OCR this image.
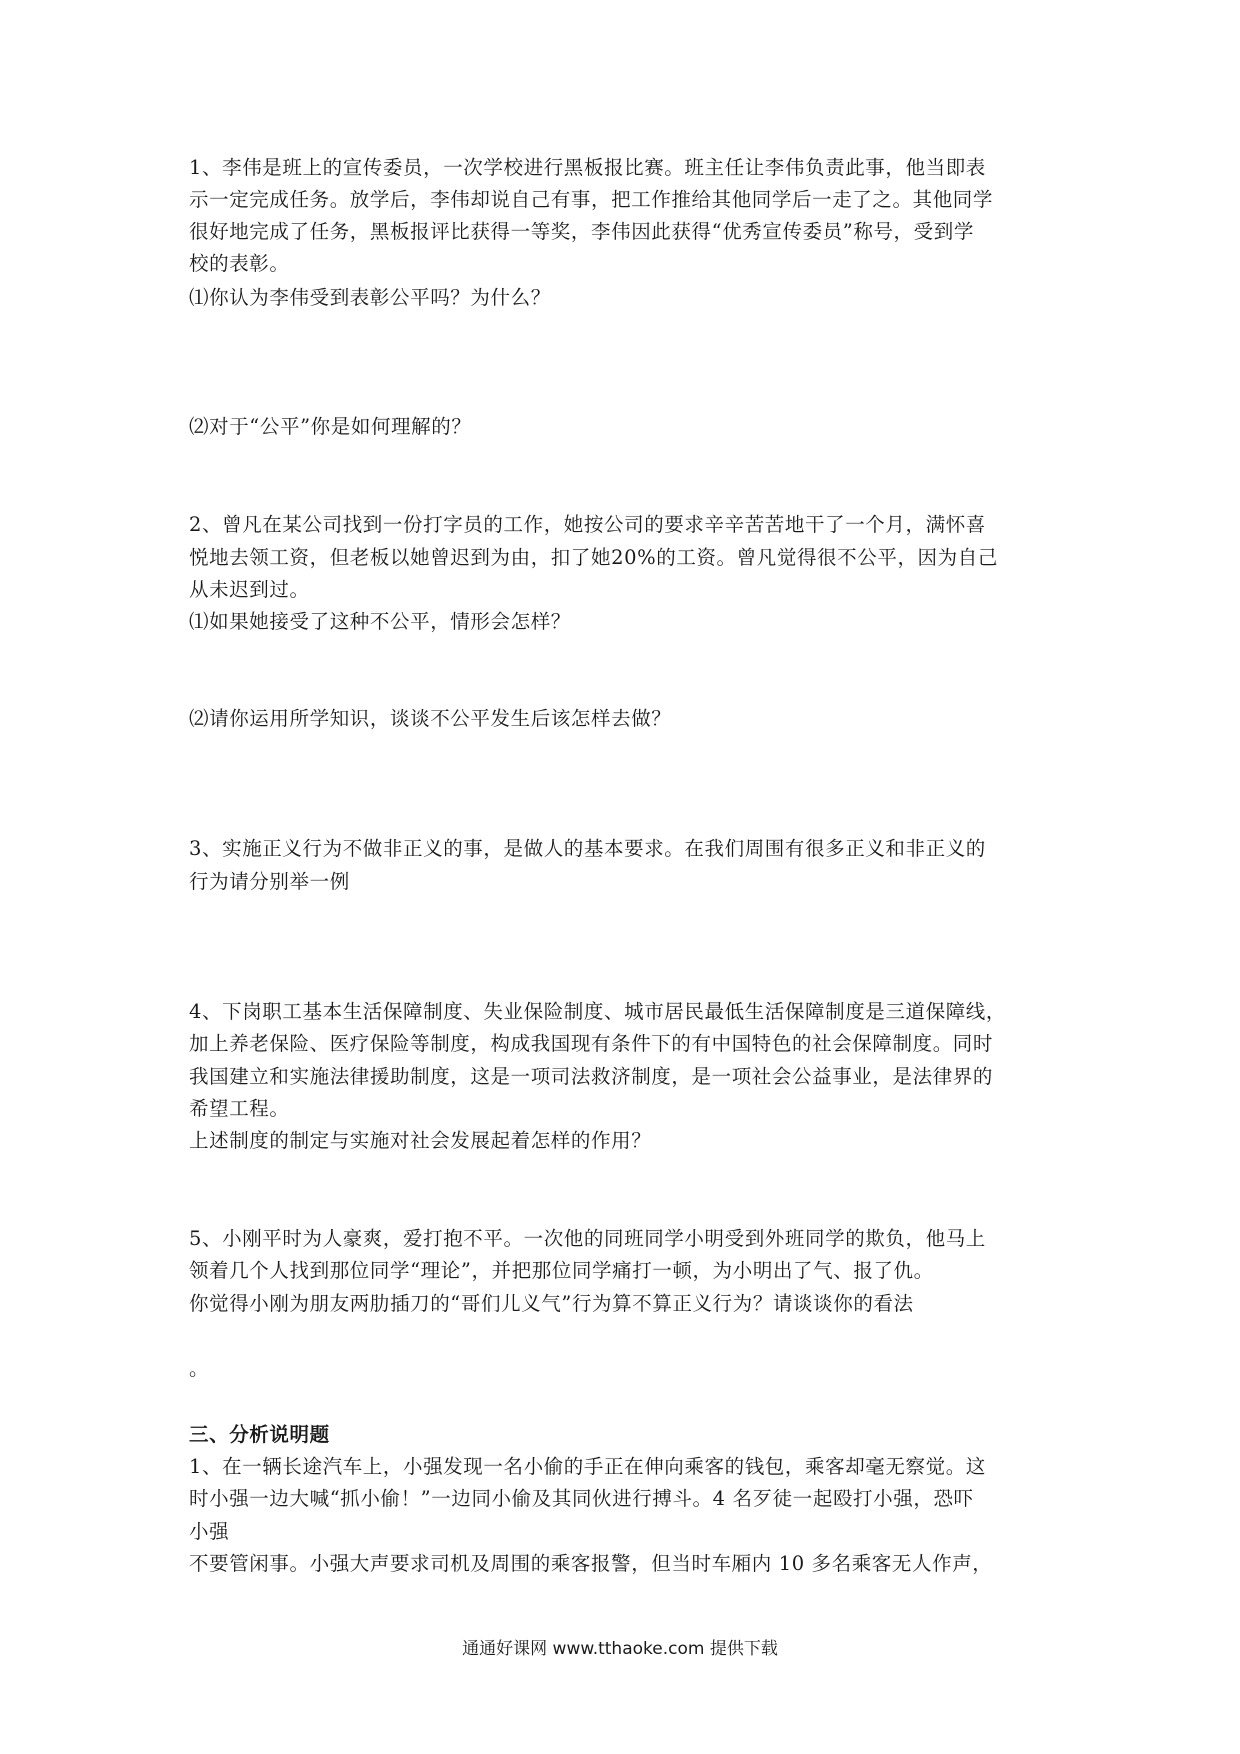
1、李伟是班上的宣传委员，一次学校进行黑板报比赛。班主任让李伟负责此事，他当即表
示一定完成任务。放学后，李伟却说自己有事，把工作推给其他同学后一走了之。其他同学
很好地完成了任务，黑板报评比获得一等奖，李伟因此获得“优秀宣传委员”称号，受到学
校的表彰。
⑴你认为李伟受到表彰公平吗？为什么？
⑵对于“公平”你是如何理解的？
2、曾凡在某公司找到一份打字员的工作，她按公司的要求辛辛苦苦地干了一个月，满怀喜
悦地去领工资，但老板以她曾迟到为由，扣了她20%的工资。曾凡觉得很不公平，因为自己
从未迟到过。
⑴如果她接受了这种不公平，情形会怎样？
⑵请你运用所学知识，谈谈不公平发生后该怎样去做？
3、实施正义行为不做非正义的事，是做人的基本要求。在我们周围有很多正义和非正义的
行为请分别举一例
4、下岗职工基本生活保障制度、失业保险制度、城市居民最低生活保障制度是三道保障线，
加上养老保险、医疗保险等制度，构成我国现有条件下的有中国特色的社会保障制度。同时
我国建立和实施法律援助制度，这是一项司法救济制度，是一项社会公益事业，是法律界的
希望工程。
上述制度的制定与实施对社会发展起着怎样的作用？
5、小刚平时为人豪爽，爱打抱不平。一次他的同班同学小明受到外班同学的欺负，他马上
领着几个人找到那位同学“理论”，并把那位同学痛打一顿，为小明出了气、报了仇。
你觉得小刚为朋友两肋插刀的“哥们儿义气”行为算不算正义行为？请谈谈你的看法
。
三、分析说明题
1、在一辆长途汽车上，小强发现一名小偷的手正在伸向乘客的钱包，乘客却毫无察觉。这
时小强一边大喊“抓小偷！”一边同小偷及其同伙进行搏斗。4 名歹徒一起殴打小强，恐吓
小强
不要管闲事。小强大声要求司机及周围的乘客报警，但当时车厢内 10 多名乘客无人作声，
通通好课网 www.tthaoke.com 提供下载
